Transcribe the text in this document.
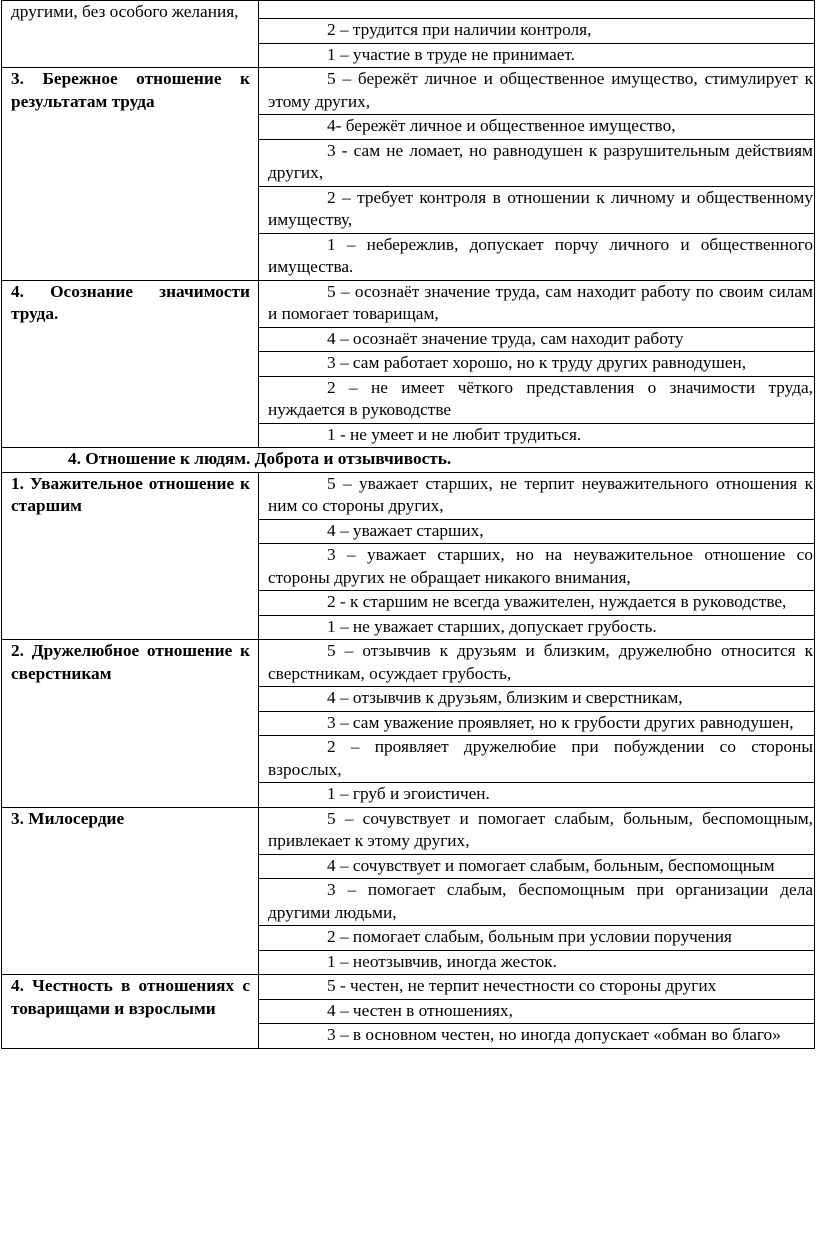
другими, без особого желания,	

	2 – трудится при наличии контроля,

	1 – участие в труде не принимает.

3. Бережное отношение к результатам труда	5 – бережёт личное и общественное имущество, стимулирует к этому других,

	4- бережёт личное и общественное имущество,

	3 - сам не ломает, но равнодушен к разрушительным действиям других,

	2 – требует контроля в отношении к личному и общественному имуществу,

	1 – небережлив, допускает порчу личного и общественного имущества.

4. Осознание значимости труда.	5 – осознаёт значение труда, сам находит работу по своим силам и помогает товарищам,

	4 – осознаёт значение труда, сам находит работу

	3 – сам работает хорошо, но к труду других равнодушен,

	2 – не имеет чёткого представления о значимости труда, нуждается в руководстве

	1 - не умеет и не любит трудиться.

4. Отношение к людям. Доброта и отзывчивость.	

1. Уважительное отношение к старшим	5 – уважает старших, не терпит неуважительного отношения к ним со стороны других,

	4 – уважает старших,

	3 – уважает старших, но на неуважительное отношение со стороны других не обращает никакого внимания,

	2 - к старшим не всегда уважителен, нуждается в руководстве,

	1 – не уважает старших, допускает грубость.

2. Дружелюбное отношение к сверстникам	5 – отзывчив к друзьям и близким, дружелюбно относится к сверстникам, осуждает грубость,

	4 – отзывчив к друзьям, близким и сверстникам,

	3 – сам уважение проявляет, но к грубости других равнодушен,

	2 – проявляет дружелюбие при побуждении со стороны взрослых,

	1 – груб и эгоистичен.

3. Милосердие	5 – сочувствует и помогает слабым, больным, беспомощным, привлекает к этому других,

	4 – сочувствует и помогает слабым, больным, беспомощным

	3 – помогает слабым, беспомощным при организации дела другими людьми,

	2 – помогает слабым, больным при условии поручения

	1 – неотзывчив, иногда жесток.

4. Честность в отношениях с товарищами и взрослыми	5 - честен, не терпит нечестности со стороны других

	4 – честен в отношениях,

	3 – в основном честен, но иногда допускает «обман во благо»
